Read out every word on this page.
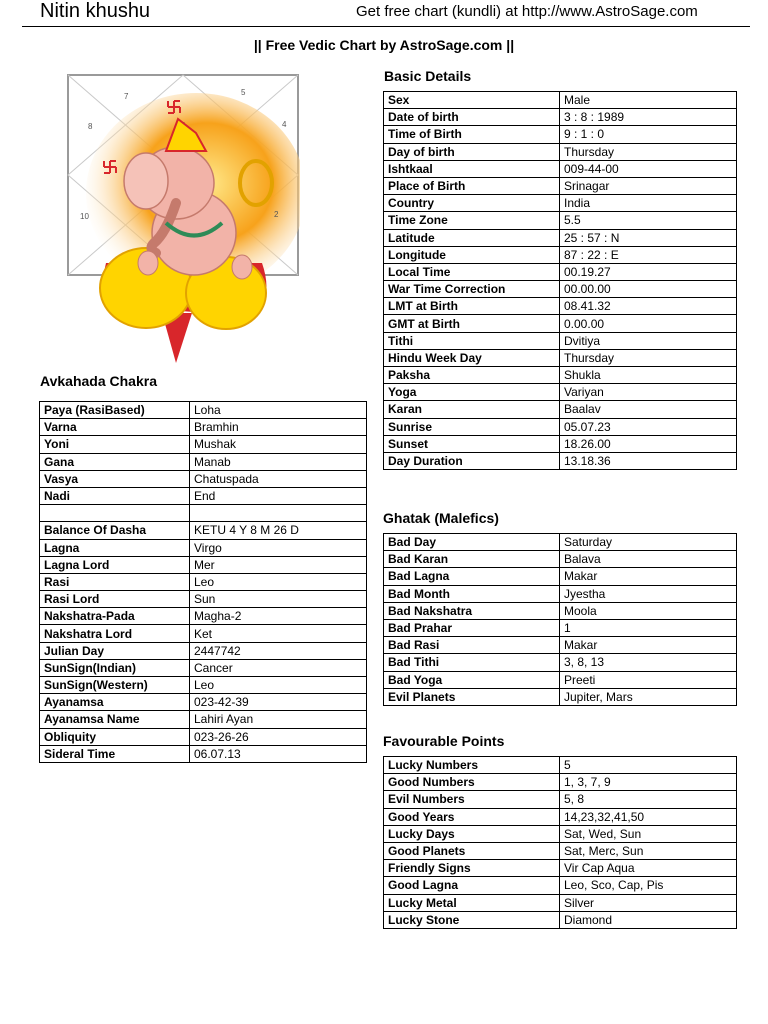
Nitin khushu	Get free chart (kundli) at http://www.AstroSage.com
|| Free Vedic Chart by AstroSage.com ||
7	5
8	4
10	2
Avkahada Chakra
Paya (RasiBased)	Loha
Varna	Bramhin
Yoni	Mushak
Gana	Manab
Vasya	Chatuspada
Nadi	End

Balance Of Dasha	KETU 4 Y 8 M 26 D
Lagna	Virgo
Lagna Lord	Mer
Rasi	Leo
Rasi Lord	Sun
Nakshatra-Pada	Magha-2
Nakshatra Lord	Ket
Julian Day	2447742
SunSign(Indian)	Cancer
SunSign(Western)	Leo
Ayanamsa	023-42-39
Ayanamsa Name	Lahiri Ayan
Obliquity	023-26-26
Sideral Time	06.07.13
Basic Details
Sex	Male
Date of birth	3 : 8 : 1989
Time of Birth	9 : 1 : 0
Day of birth	Thursday
Ishtkaal	009-44-00
Place of Birth	Srinagar
Country	India
Time Zone	5.5
Latitude	25 : 57 : N
Longitude	87 : 22 : E
Local Time	00.19.27
War Time Correction	00.00.00
LMT at Birth	08.41.32
GMT at Birth	0.00.00
Tithi	Dvitiya
Hindu Week Day	Thursday
Paksha	Shukla
Yoga	Variyan
Karan	Baalav
Sunrise	05.07.23
Sunset	18.26.00
Day Duration	13.18.36
Ghatak (Malefics)
Bad Day	Saturday
Bad Karan	Balava
Bad Lagna	Makar
Bad Month	Jyestha
Bad Nakshatra	Moola
Bad Prahar	1
Bad Rasi	Makar
Bad Tithi	3, 8, 13
Bad Yoga	Preeti
Evil Planets	Jupiter, Mars
Favourable Points
Lucky Numbers	5
Good Numbers	1, 3, 7, 9
Evil Numbers	5, 8
Good Years	14,23,32,41,50
Lucky Days	Sat, Wed, Sun
Good Planets	Sat, Merc, Sun
Friendly Signs	Vir Cap Aqua
Good Lagna	Leo, Sco, Cap, Pis
Lucky Metal	Silver
Lucky Stone	Diamond
